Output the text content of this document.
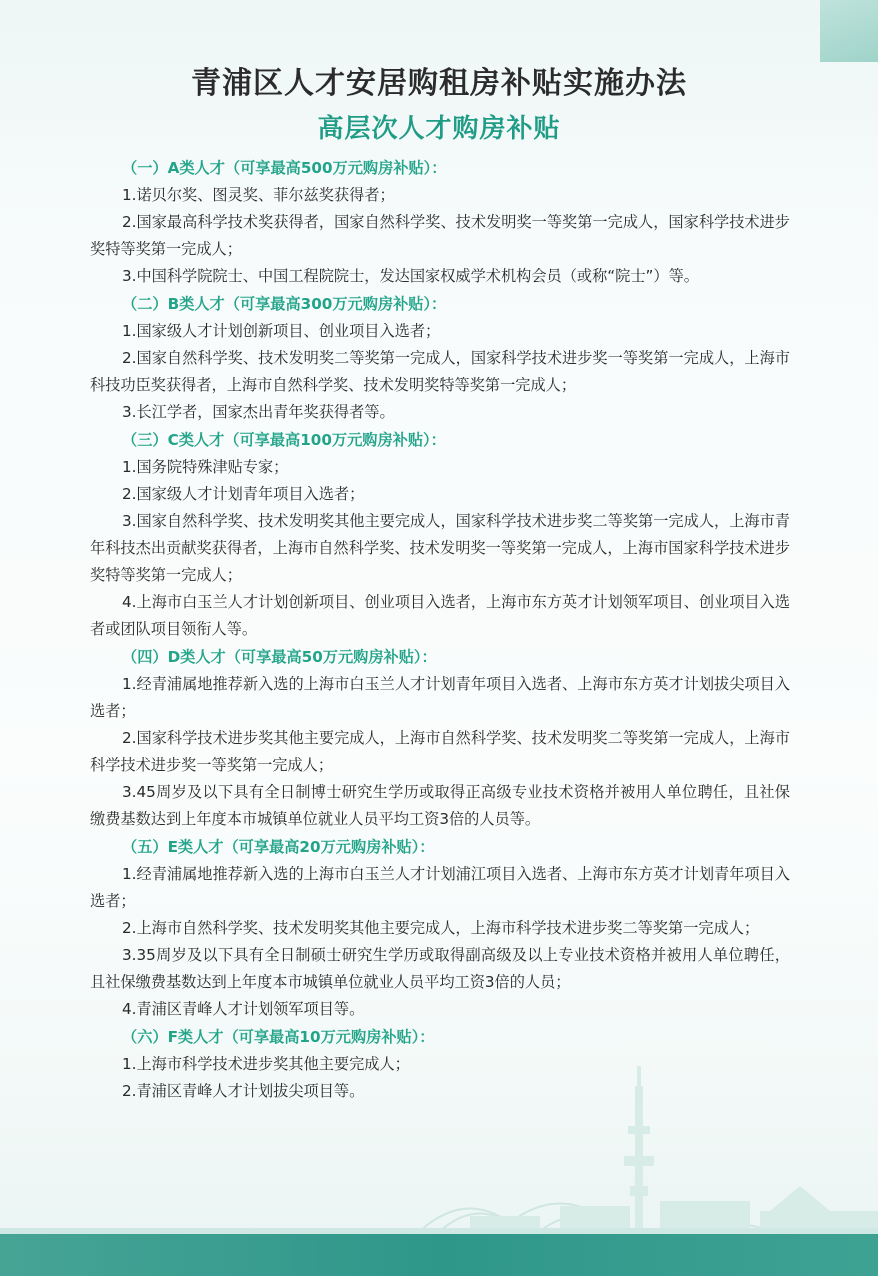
青浦区人才安居购租房补贴实施办法
高层次人才购房补贴

（一）A类人才（可享最高500万元购房补贴）：

1.诺贝尔奖、图灵奖、菲尔兹奖获得者；

2.国家最高科学技术奖获得者，国家自然科学奖、技术发明奖一等奖第一完成人，国家科学技术进步奖特等奖第一完成人；

3.中国科学院院士、中国工程院院士，发达国家权威学术机构会员（或称“院士”）等。

（二）B类人才（可享最高300万元购房补贴）：

1.国家级人才计划创新项目、创业项目入选者；

2.国家自然科学奖、技术发明奖二等奖第一完成人，国家科学技术进步奖一等奖第一完成人，上海市科技功臣奖获得者，上海市自然科学奖、技术发明奖特等奖第一完成人；

3.长江学者，国家杰出青年奖获得者等。

（三）C类人才（可享最高100万元购房补贴）：

1.国务院特殊津贴专家；

2.国家级人才计划青年项目入选者；

3.国家自然科学奖、技术发明奖其他主要完成人，国家科学技术进步奖二等奖第一完成人，上海市青年科技杰出贡献奖获得者，上海市自然科学奖、技术发明奖一等奖第一完成人，上海市国家科学技术进步奖特等奖第一完成人；

4.上海市白玉兰人才计划创新项目、创业项目入选者，上海市东方英才计划领军项目、创业项目入选者或团队项目领衔人等。

（四）D类人才（可享最高50万元购房补贴）：

1.经青浦属地推荐新入选的上海市白玉兰人才计划青年项目入选者、上海市东方英才计划拔尖项目入选者；

2.国家科学技术进步奖其他主要完成人，上海市自然科学奖、技术发明奖二等奖第一完成人，上海市科学技术进步奖一等奖第一完成人；

3.45周岁及以下具有全日制博士研究生学历或取得正高级专业技术资格并被用人单位聘任，且社保缴费基数达到上年度本市城镇单位就业人员平均工资3倍的人员等。

（五）E类人才（可享最高20万元购房补贴）：

1.经青浦属地推荐新入选的上海市白玉兰人才计划浦江项目入选者、上海市东方英才计划青年项目入选者；

2.上海市自然科学奖、技术发明奖其他主要完成人，上海市科学技术进步奖二等奖第一完成人；

3.35周岁及以下具有全日制硕士研究生学历或取得副高级及以上专业技术资格并被用人单位聘任，且社保缴费基数达到上年度本市城镇单位就业人员平均工资3倍的人员；

4.青浦区青峰人才计划领军项目等。

（六）F类人才（可享最高10万元购房补贴）：

1.上海市科学技术进步奖其他主要完成人；

2.青浦区青峰人才计划拔尖项目等。
